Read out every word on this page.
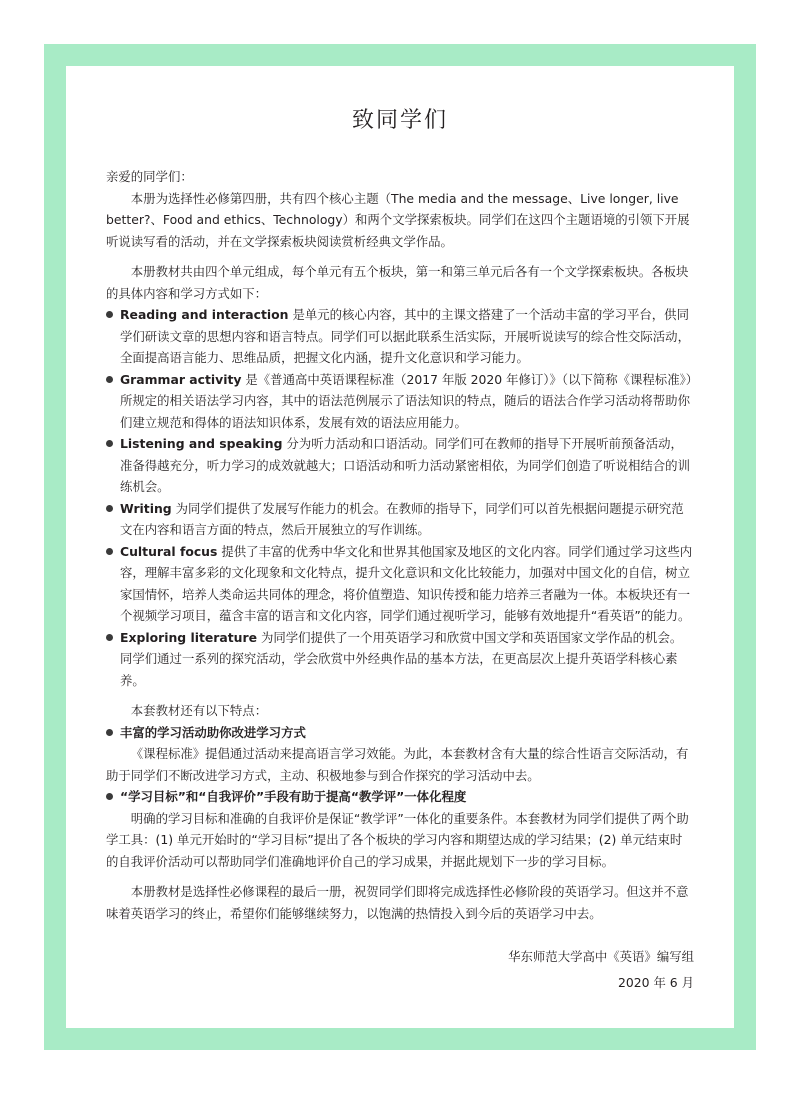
致同学们

亲爱的同学们：

本册为选择性必修第四册，共有四个核心主题（The media and the message、Live longer, live better?、Food and ethics、Technology）和两个文学探索板块。同学们在这四个主题语境的引领下开展听说读写看的活动，并在文学探索板块阅读赏析经典文学作品。

本册教材共由四个单元组成，每个单元有五个板块，第一和第三单元后各有一个文学探索板块。各板块的具体内容和学习方式如下：

Reading and interaction 是单元的核心内容，其中的主课文搭建了一个活动丰富的学习平台，供同学们研读文章的思想内容和语言特点。同学们可以据此联系生活实际，开展听说读写的综合性交际活动，全面提高语言能力、思维品质，把握文化内涵，提升文化意识和学习能力。
Grammar activity 是《普通高中英语课程标准（2017 年版 2020 年修订）》（以下简称《课程标准》）所规定的相关语法学习内容，其中的语法范例展示了语法知识的特点，随后的语法合作学习活动将帮助你们建立规范和得体的语法知识体系，发展有效的语法应用能力。
Listening and speaking 分为听力活动和口语活动。同学们可在教师的指导下开展听前预备活动，准备得越充分，听力学习的成效就越大；口语活动和听力活动紧密相依，为同学们创造了听说相结合的训练机会。
Writing 为同学们提供了发展写作能力的机会。在教师的指导下，同学们可以首先根据问题提示研究范文在内容和语言方面的特点，然后开展独立的写作训练。
Cultural focus 提供了丰富的优秀中华文化和世界其他国家及地区的文化内容。同学们通过学习这些内容，理解丰富多彩的文化现象和文化特点，提升文化意识和文化比较能力，加强对中国文化的自信，树立家国情怀，培养人类命运共同体的理念，将价值塑造、知识传授和能力培养三者融为一体。本板块还有一个视频学习项目，蕴含丰富的语言和文化内容，同学们通过视听学习，能够有效地提升“看英语”的能力。
Exploring literature 为同学们提供了一个用英语学习和欣赏中国文学和英语国家文学作品的机会。同学们通过一系列的探究活动，学会欣赏中外经典作品的基本方法，在更高层次上提升英语学科核心素养。

本套教材还有以下特点：

丰富的学习活动助你改进学习方式

《课程标准》提倡通过活动来提高语言学习效能。为此，本套教材含有大量的综合性语言交际活动，有助于同学们不断改进学习方式，主动、积极地参与到合作探究的学习活动中去。

“学习目标”和“自我评价”手段有助于提高“教学评”一体化程度

明确的学习目标和准确的自我评价是保证“教学评”一体化的重要条件。本套教材为同学们提供了两个助学工具：(1) 单元开始时的“学习目标”提出了各个板块的学习内容和期望达成的学习结果；(2) 单元结束时的自我评价活动可以帮助同学们准确地评价自己的学习成果，并据此规划下一步的学习目标。

本册教材是选择性必修课程的最后一册，祝贺同学们即将完成选择性必修阶段的英语学习。但这并不意味着英语学习的终止，希望你们能够继续努力，以饱满的热情投入到今后的英语学习中去。

华东师范大学高中《英语》编写组

2020 年 6 月
